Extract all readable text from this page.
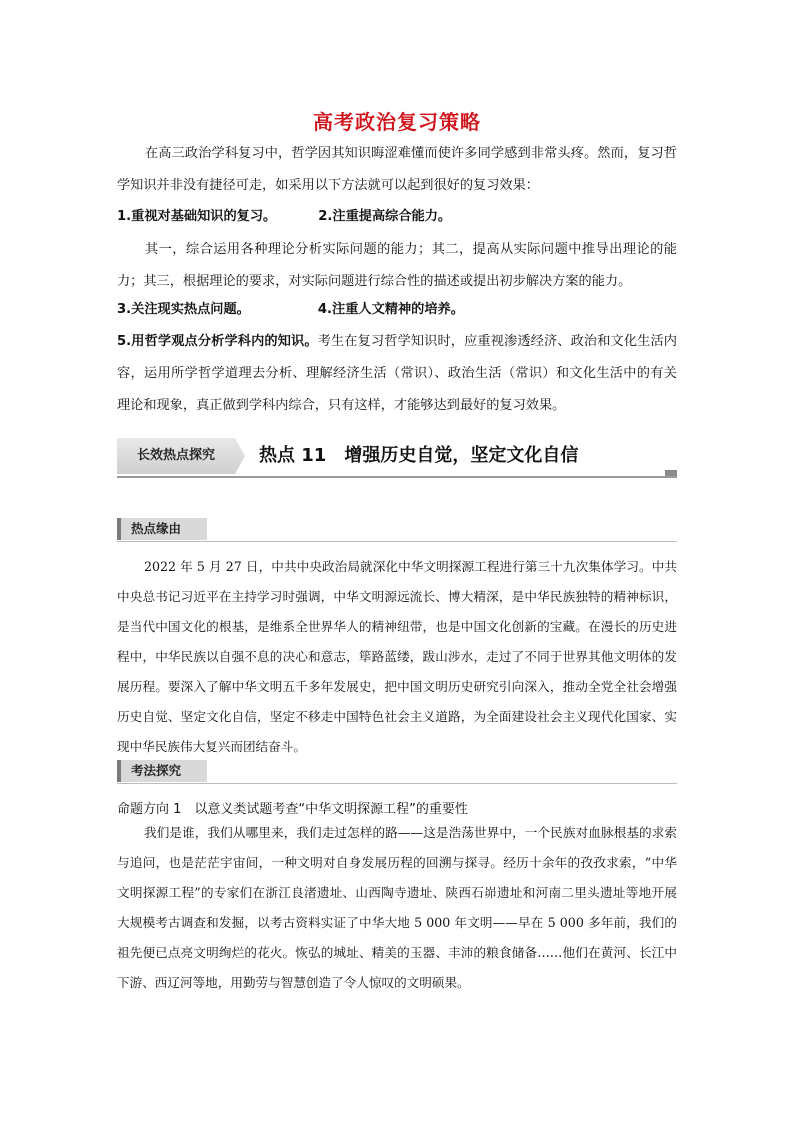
高考政治复习策略
在高三政治学科复习中，哲学因其知识晦涩难懂而使许多同学感到非常头疼。然而，复习哲学知识并非没有捷径可走，如采用以下方法就可以起到很好的复习效果：
1.重视对基础知识的复习。	2.注重提高综合能力。
其一，综合运用各种理论分析实际问题的能力；其二，提高从实际问题中推导出理论的能力；其三，根据理论的要求，对实际问题进行综合性的描述或提出初步解决方案的能力。
3.关注现实热点问题。	4.注重人文精神的培养。
5.用哲学观点分析学科内的知识。考生在复习哲学知识时，应重视渗透经济、政治和文化生活内容，运用所学哲学道理去分析、理解经济生活（常识）、政治生活（常识）和文化生活中的有关理论和现象，真正做到学科内综合，只有这样，才能够达到最好的复习效果。
长效热点探究	热点 11　增强历史自觉，坚定文化自信
热点缘由
2022 年 5 月 27 日，中共中央政治局就深化中华文明探源工程进行第三十九次集体学习。中共中央总书记习近平在主持学习时强调，中华文明源远流长、博大精深，是中华民族独特的精神标识，是当代中国文化的根基，是维系全世界华人的精神纽带，也是中国文化创新的宝藏。在漫长的历史进程中，中华民族以自强不息的决心和意志，筚路蓝缕，跋山涉水，走过了不同于世界其他文明体的发展历程。要深入了解中华文明五千多年发展史，把中国文明历史研究引向深入，推动全党全社会增强历史自觉、坚定文化自信，坚定不移走中国特色社会主义道路，为全面建设社会主义现代化国家、实现中华民族伟大复兴而团结奋斗。
考法探究
命题方向 1　以意义类试题考查“中华文明探源工程”的重要性
我们是谁，我们从哪里来，我们走过怎样的路——这是浩荡世界中，一个民族对血脉根基的求索与追问，也是茫茫宇宙间，一种文明对自身发展历程的回溯与探寻。经历十余年的孜孜求索，“中华文明探源工程”的专家们在浙江良渚遗址、山西陶寺遗址、陕西石峁遗址和河南二里头遗址等地开展大规模考古调查和发掘，以考古资料实证了中华大地 5 000 年文明——早在 5 000 多年前，我们的祖先便已点亮文明绚烂的花火。恢弘的城址、精美的玉器、丰沛的粮食储备……他们在黄河、长江中下游、西辽河等地，用勤劳与智慧创造了令人惊叹的文明硕果。
